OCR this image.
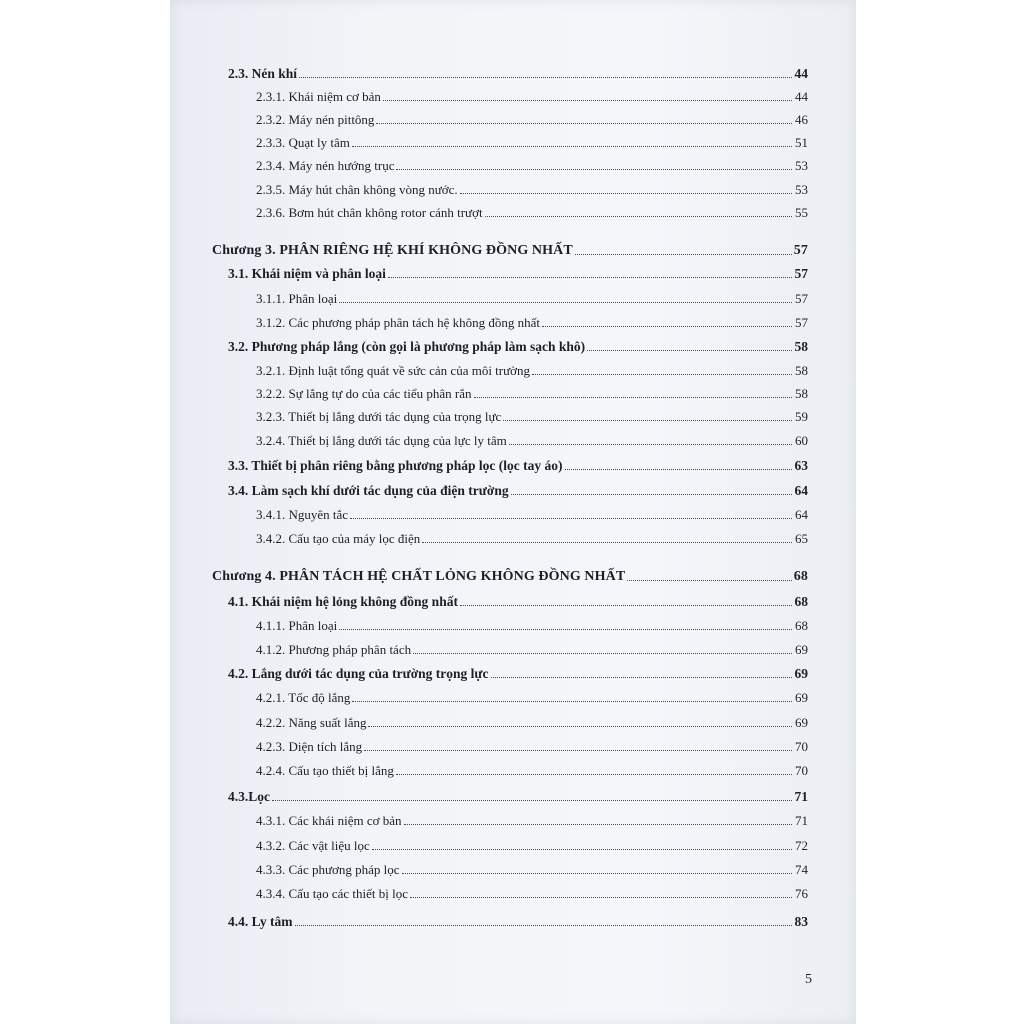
2.3. Nén khí	44
2.3.1. Khái niệm cơ bản	44
2.3.2. Máy nén pittông	46
2.3.3. Quạt ly tâm	51
2.3.4. Máy nén hướng trục	53
2.3.5. Máy hút chân không vòng nước.	53
2.3.6. Bơm hút chân không rotor cánh trượt	55
Chương 3. PHÂN RIÊNG HỆ KHÍ KHÔNG ĐỒNG NHẤT	57
3.1. Khái niệm và phân loại	57
3.1.1. Phân loại	57
3.1.2. Các phương pháp phân tách hệ không đồng nhất	57
3.2. Phương pháp lắng (còn gọi là phương pháp làm sạch khô)	58
3.2.1. Định luật tổng quát về sức cản của môi trường	58
3.2.2. Sự lắng tự do của các tiểu phân rắn	58
3.2.3. Thiết bị lắng dưới tác dụng của trọng lực	59
3.2.4. Thiết bị lắng dưới tác dụng của lực ly tâm	60
3.3. Thiết bị phân riêng bằng phương pháp lọc (lọc tay áo)	63
3.4. Làm sạch khí dưới tác dụng của điện trường	64
3.4.1. Nguyên tắc	64
3.4.2. Cấu tạo của máy lọc điện	65
Chương 4. PHÂN TÁCH HỆ CHẤT LỎNG KHÔNG ĐỒNG NHẤT	68
4.1. Khái niệm hệ lỏng không đồng nhất	68
4.1.1. Phân loại	68
4.1.2. Phương pháp phân tách	69
4.2. Lắng dưới tác dụng của trường trọng lực	69
4.2.1. Tốc độ lắng	69
4.2.2. Năng suất lắng	69
4.2.3. Diện tích lắng	70
4.2.4. Cấu tạo thiết bị lắng	70
4.3.Lọc	71
4.3.1. Các khái niệm cơ bản	71
4.3.2. Các vật liệu lọc	72
4.3.3. Các phương pháp lọc	74
4.3.4. Cấu tạo các thiết bị lọc	76
4.4. Ly tâm	83
5
